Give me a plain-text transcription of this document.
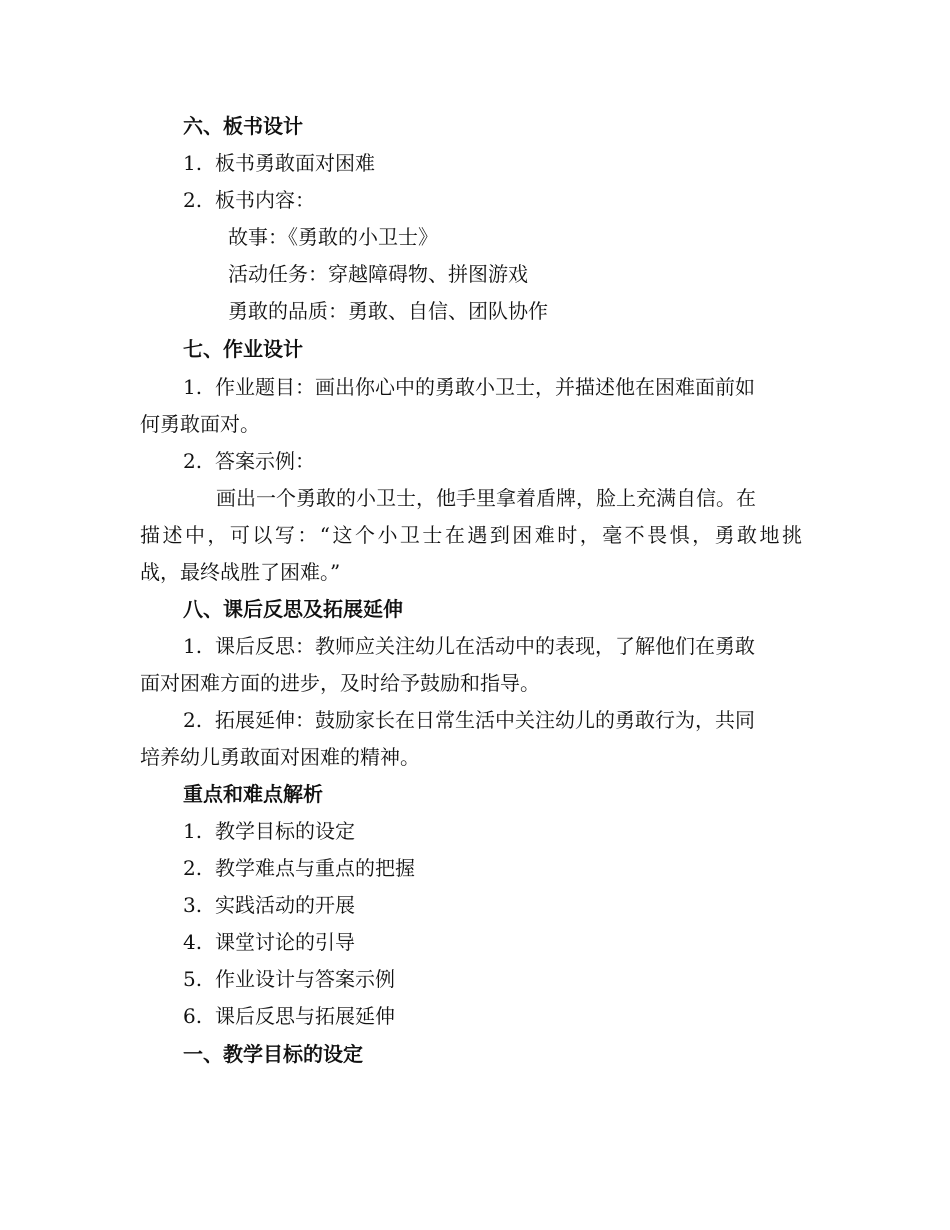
六、板书设计
1. 板书勇敢面对困难
2. 板书内容：
故事：《勇敢的小卫士》
活动任务：穿越障碍物、拼图游戏
勇敢的品质：勇敢、自信、团队协作
七、作业设计
1. 作业题目：画出你心中的勇敢小卫士，并描述他在困难面前如
何勇敢面对。
2. 答案示例：
画出一个勇敢的小卫士，他手里拿着盾牌，脸上充满自信。在
描述中，可以写：“这个小卫士在遇到困难时，毫不畏惧，勇敢地挑
战，最终战胜了困难。”
八、课后反思及拓展延伸
1. 课后反思：教师应关注幼儿在活动中的表现，了解他们在勇敢
面对困难方面的进步，及时给予鼓励和指导。
2. 拓展延伸：鼓励家长在日常生活中关注幼儿的勇敢行为，共同
培养幼儿勇敢面对困难的精神。
重点和难点解析
1. 教学目标的设定
2. 教学难点与重点的把握
3. 实践活动的开展
4. 课堂讨论的引导
5. 作业设计与答案示例
6. 课后反思与拓展延伸
一、教学目标的设定
